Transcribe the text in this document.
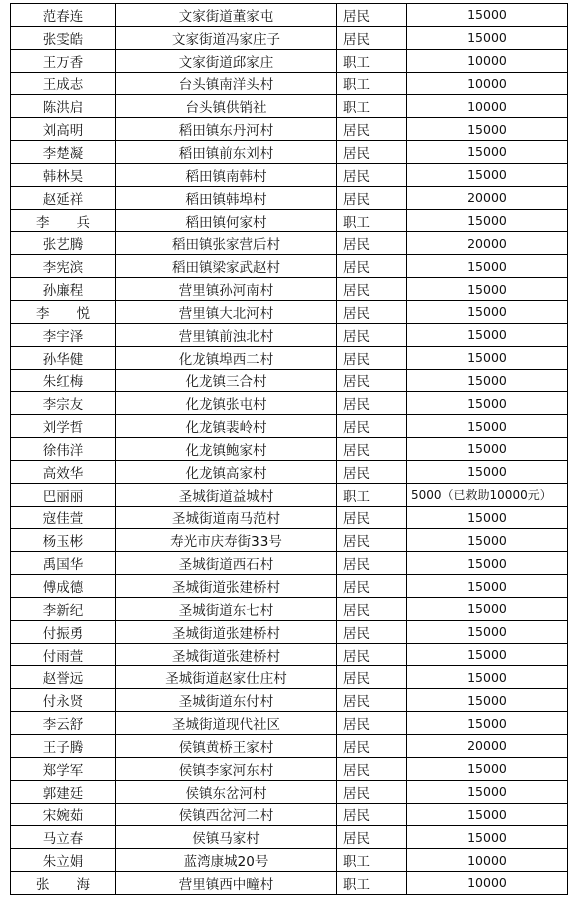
范春连	文家街道董家屯	居民	15000
张雯皓	文家街道冯家庄子	居民	15000
王万香	文家街道邱家庄	职工	10000
王成志	台头镇南洋头村	职工	10000
陈洪启	台头镇供销社	职工	10000
刘高明	稻田镇东丹河村	居民	15000
李楚凝	稻田镇前东刘村	居民	15000
韩林昊	稻田镇南韩村	居民	15000
赵延祥	稻田镇韩埠村	居民	20000
李　　兵	稻田镇何家村	职工	15000
张艺腾	稻田镇张家营后村	居民	20000
李宪滨	稻田镇梁家武赵村	居民	15000
孙廉程	营里镇孙河南村	居民	15000
李　　悦	营里镇大北河村	居民	15000
李宇泽	营里镇前浊北村	居民	15000
孙华健	化龙镇埠西二村	居民	15000
朱红梅	化龙镇三合村	居民	15000
李宗友	化龙镇张屯村	居民	15000
刘学哲	化龙镇裴岭村	居民	15000
徐伟洋	化龙镇鲍家村	居民	15000
高效华	化龙镇高家村	居民	15000
巴丽丽	圣城街道益城村	职工	5000（已救助10000元）
寇佳萱	圣城街道南马范村	居民	15000
杨玉彬	寿光市庆寿街33号	居民	15000
禹国华	圣城街道西石村	居民	15000
傅成德	圣城街道张建桥村	居民	15000
李新纪	圣城街道东七村	居民	15000
付振勇	圣城街道张建桥村	居民	15000
付雨萱	圣城街道张建桥村	居民	15000
赵誉远	圣城街道赵家仕庄村	居民	15000
付永贤	圣城街道东付村	居民	15000
李云舒	圣城街道现代社区	居民	15000
王子腾	侯镇黄桥王家村	居民	20000
郑学军	侯镇李家河东村	居民	15000
郭建廷	侯镇东岔河村	居民	15000
宋婉茹	侯镇西岔河二村	居民	15000
马立春	侯镇马家村	居民	15000
朱立娟	蓝湾康城20号	职工	10000
张　　海	营里镇西中疃村	职工	10000
